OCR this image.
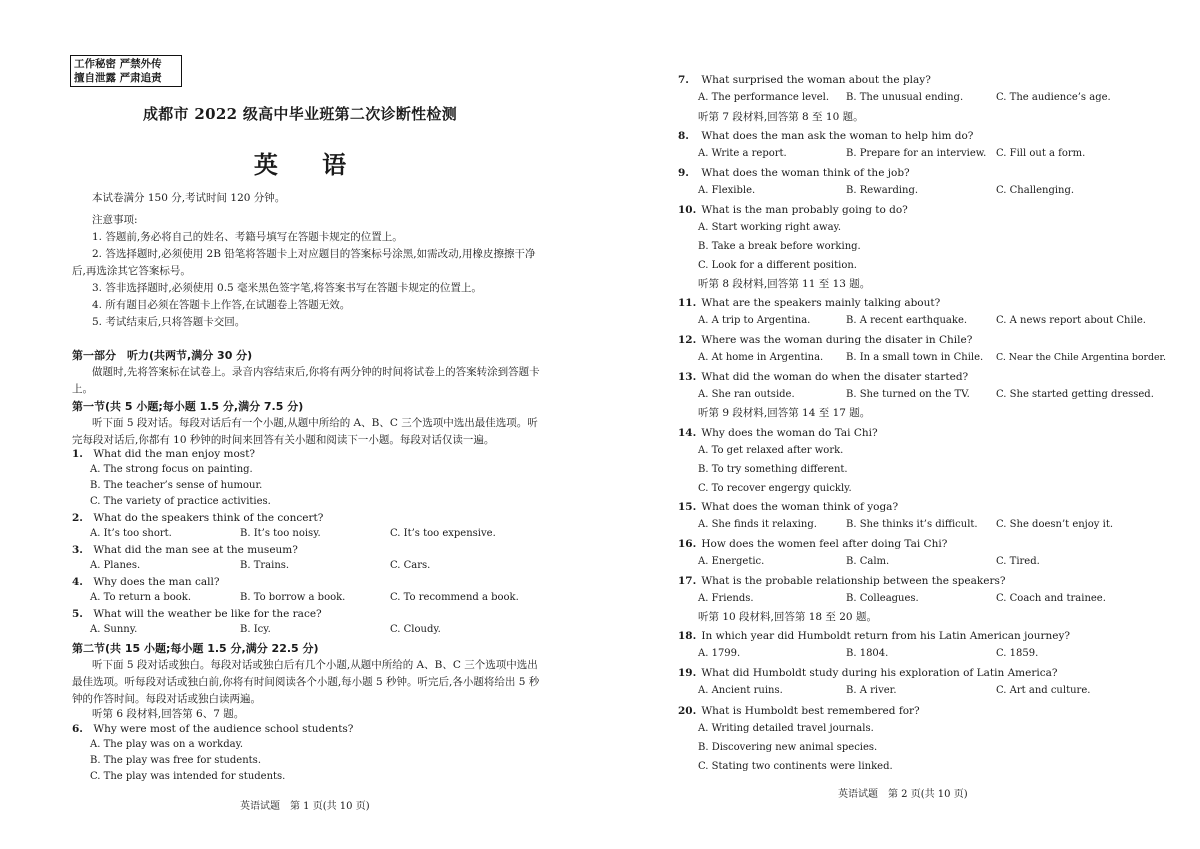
工作秘密 严禁外传
擅自泄露 严肃追责
成都市 2022 级高中毕业班第二次诊断性检测
英 语
本试卷满分 150 分,考试时间 120 分钟。
注意事项:
1. 答题前,务必将自己的姓名、考籍号填写在答题卡规定的位置上。
2. 答选择题时,必须使用 2B 铅笔将答题卡上对应题目的答案标号涂黑,如需改动,用橡皮擦擦干净后,再选涂其它答案标号。
3. 答非选择题时,必须使用 0.5 毫米黑色签字笔,将答案书写在答题卡规定的位置上。
4. 所有题目必须在答题卡上作答,在试题卷上答题无效。
5. 考试结束后,只将答题卡交回。
第一部分　听力(共两节,满分 30 分)
做题时,先将答案标在试卷上。录音内容结束后,你将有两分钟的时间将试卷上的答案转涂到答题卡上。
第一节(共 5 小题;每小题 1.5 分,满分 7.5 分)
听下面 5 段对话。每段对话后有一个小题,从题中所给的 A、B、C 三个选项中选出最佳选项。听完每段对话后,你都有 10 秒钟的时间来回答有关小题和阅读下一小题。每段对话仅读一遍。
1. What did the man enjoy most?
A. The strong focus on painting.
B. The teacher’s sense of humour.
C. The variety of practice activities.
2. What do the speakers think of the concert?
A. It’s too short.	B. It’s too noisy.	C. It’s too expensive.
3. What did the man see at the museum?
A. Planes.	B. Trains.	C. Cars.
4. Why does the man call?
A. To return a book.	B. To borrow a book.	C. To recommend a book.
5. What will the weather be like for the race?
A. Sunny.	B. Icy.	C. Cloudy.
第二节(共 15 小题;每小题 1.5 分,满分 22.5 分)
听下面 5 段对话或独白。每段对话或独白后有几个小题,从题中所给的 A、B、C 三个选项中选出最佳选项。听每段对话或独白前,你将有时间阅读各个小题,每小题 5 秒钟。听完后,各小题将给出 5 秒钟的作答时间。每段对话或独白读两遍。
听第 6 段材料,回答第 6、7 题。
6. Why were most of the audience school students?
A. The play was on a workday.
B. The play was free for students.
C. The play was intended for students.
英语试题　第 1 页(共 10 页)
7. What surprised the woman about the play?
A. The performance level. B. The unusual ending.	C. The audience’s age.
听第 7 段材料,回答第 8 至 10 题。
8. What does the man ask the woman to help him do?
A. Write a report.	B. Prepare for an interview. C. Fill out a form.
9. What does the woman think of the job?
A. Flexible.	B. Rewarding.	C. Challenging.
10. What is the man probably going to do?
A. Start working right away.
B. Take a break before working.
C. Look for a different position.
听第 8 段材料,回答第 11 至 13 题。
11. What are the speakers mainly talking about?
A. A trip to Argentina.	B. A recent earthquake.	C. A news report about Chile.
12. Where was the woman during the disater in Chile?
A. At home in Argentina. B. In a small town in Chile. C. Near the Chile Argentina border.
13. What did the woman do when the disater started?
A. She ran outside.	B. She turned on the TV.	C. She started getting dressed.
听第 9 段材料,回答第 14 至 17 题。
14. Why does the woman do Tai Chi?
A. To get relaxed after work.
B. To try something different.
C. To recover engergy quickly.
15. What does the woman think of yoga?
A. She finds it relaxing.	B. She thinks it’s difficult. C. She doesn’t enjoy it.
16. How does the women feel after doing Tai Chi?
A. Energetic.	B. Calm.	C. Tired.
17. What is the probable relationship between the speakers?
A. Friends.	B. Colleagues.	C. Coach and trainee.
听第 10 段材料,回答第 18 至 20 题。
18. In which year did Humboldt return from his Latin American journey?
A. 1799.	B. 1804.	C. 1859.
19. What did Humboldt study during his exploration of Latin America?
A. Ancient ruins.	B. A river.	C. Art and culture.
20. What is Humboldt best remembered for?
A. Writing detailed travel journals.
B. Discovering new animal species.
C. Stating two continents were linked.
英语试题　第 2 页(共 10 页)
